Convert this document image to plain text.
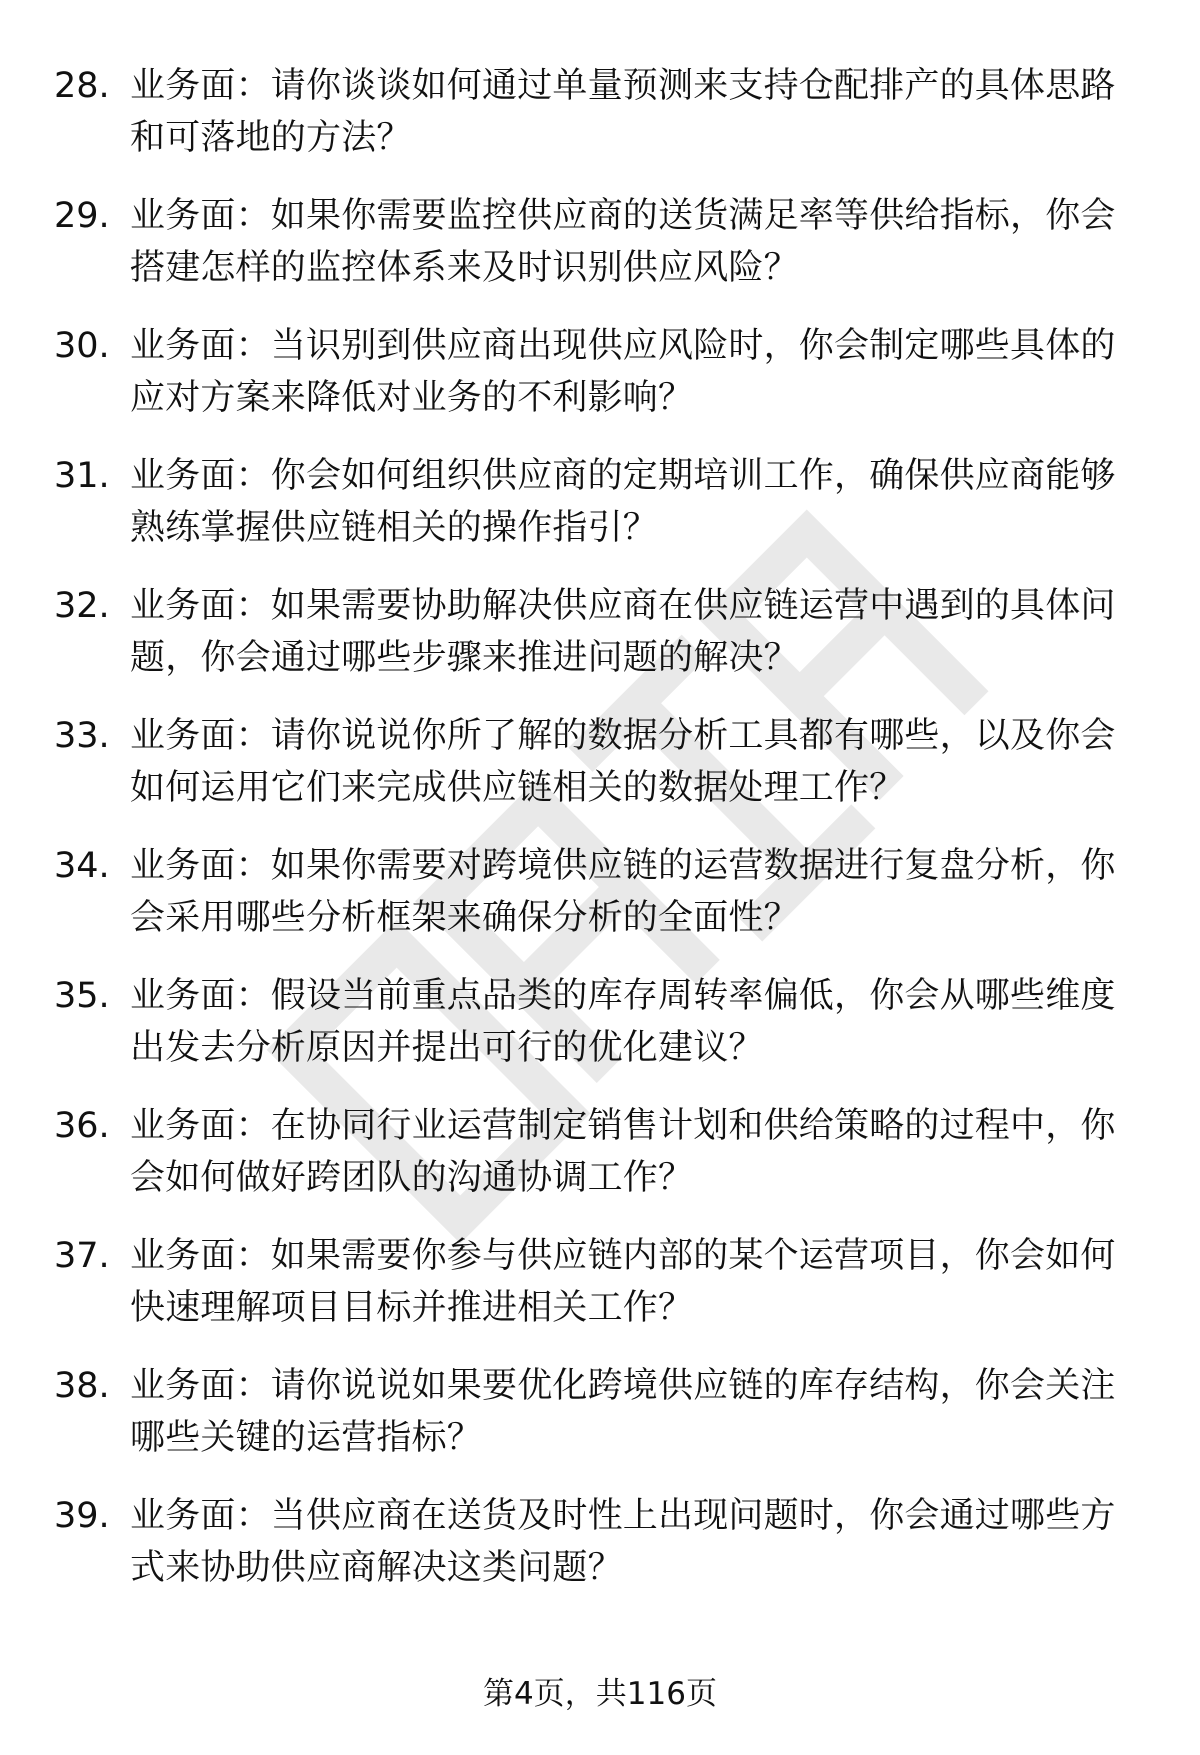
28. 业务面：请你谈谈如何通过单量预测来支持仓配排产的具体思路和可落地的方法？
29. 业务面：如果你需要监控供应商的送货满足率等供给指标，你会搭建怎样的监控体系来及时识别供应风险？
30. 业务面：当识别到供应商出现供应风险时，你会制定哪些具体的应对方案来降低对业务的不利影响？
31. 业务面：你会如何组织供应商的定期培训工作，确保供应商能够熟练掌握供应链相关的操作指引？
32. 业务面：如果需要协助解决供应商在供应链运营中遇到的具体问题，你会通过哪些步骤来推进问题的解决？
33. 业务面：请你说说你所了解的数据分析工具都有哪些，以及你会如何运用它们来完成供应链相关的数据处理工作？
34. 业务面：如果你需要对跨境供应链的运营数据进行复盘分析，你会采用哪些分析框架来确保分析的全面性？
35. 业务面：假设当前重点品类的库存周转率偏低，你会从哪些维度出发去分析原因并提出可行的优化建议？
36. 业务面：在协同行业运营制定销售计划和供给策略的过程中，你会如何做好跨团队的沟通协调工作？
37. 业务面：如果需要你参与供应链内部的某个运营项目，你会如何快速理解项目目标并推进相关工作？
38. 业务面：请你说说如果要优化跨境供应链的库存结构，你会关注哪些关键的运营指标？
39. 业务面：当供应商在送货及时性上出现问题时，你会通过哪些方式来协助供应商解决这类问题？
第4页，共116页
